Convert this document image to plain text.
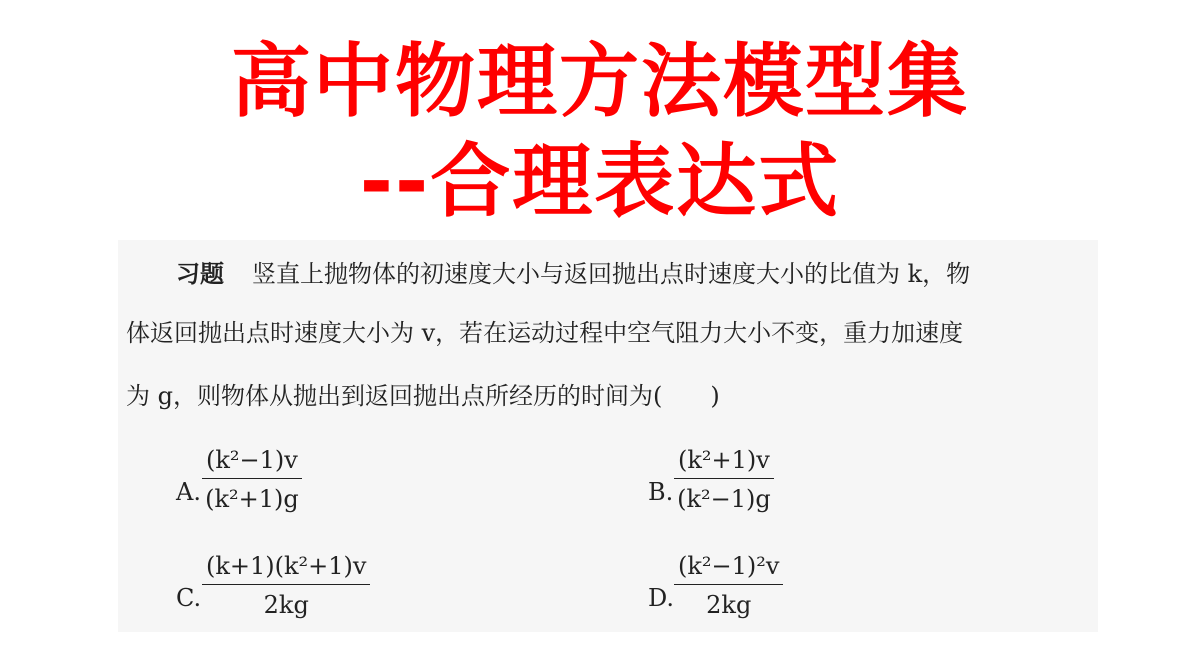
高中物理方法模型集
--合理表达式
习题 竖直上抛物体的初速度大小与返回抛出点时速度大小的比值为 k，物
体返回抛出点时速度大小为 v，若在运动过程中空气阻力大小不变，重力加速度
为 g，则物体从抛出到返回抛出点所经历的时间为(　　)
A. $\frac{\text{(k²−1)v}}{\text{(k²+1)g}}$	B. $\frac{\text{(k²+1)v}}{\text{(k²−1)g}}$
C. $\frac{\text{(k+1)(k²+1)v}}{2kg}$	D. $\frac{\text{(k²−1)²v}}{2kg}$
